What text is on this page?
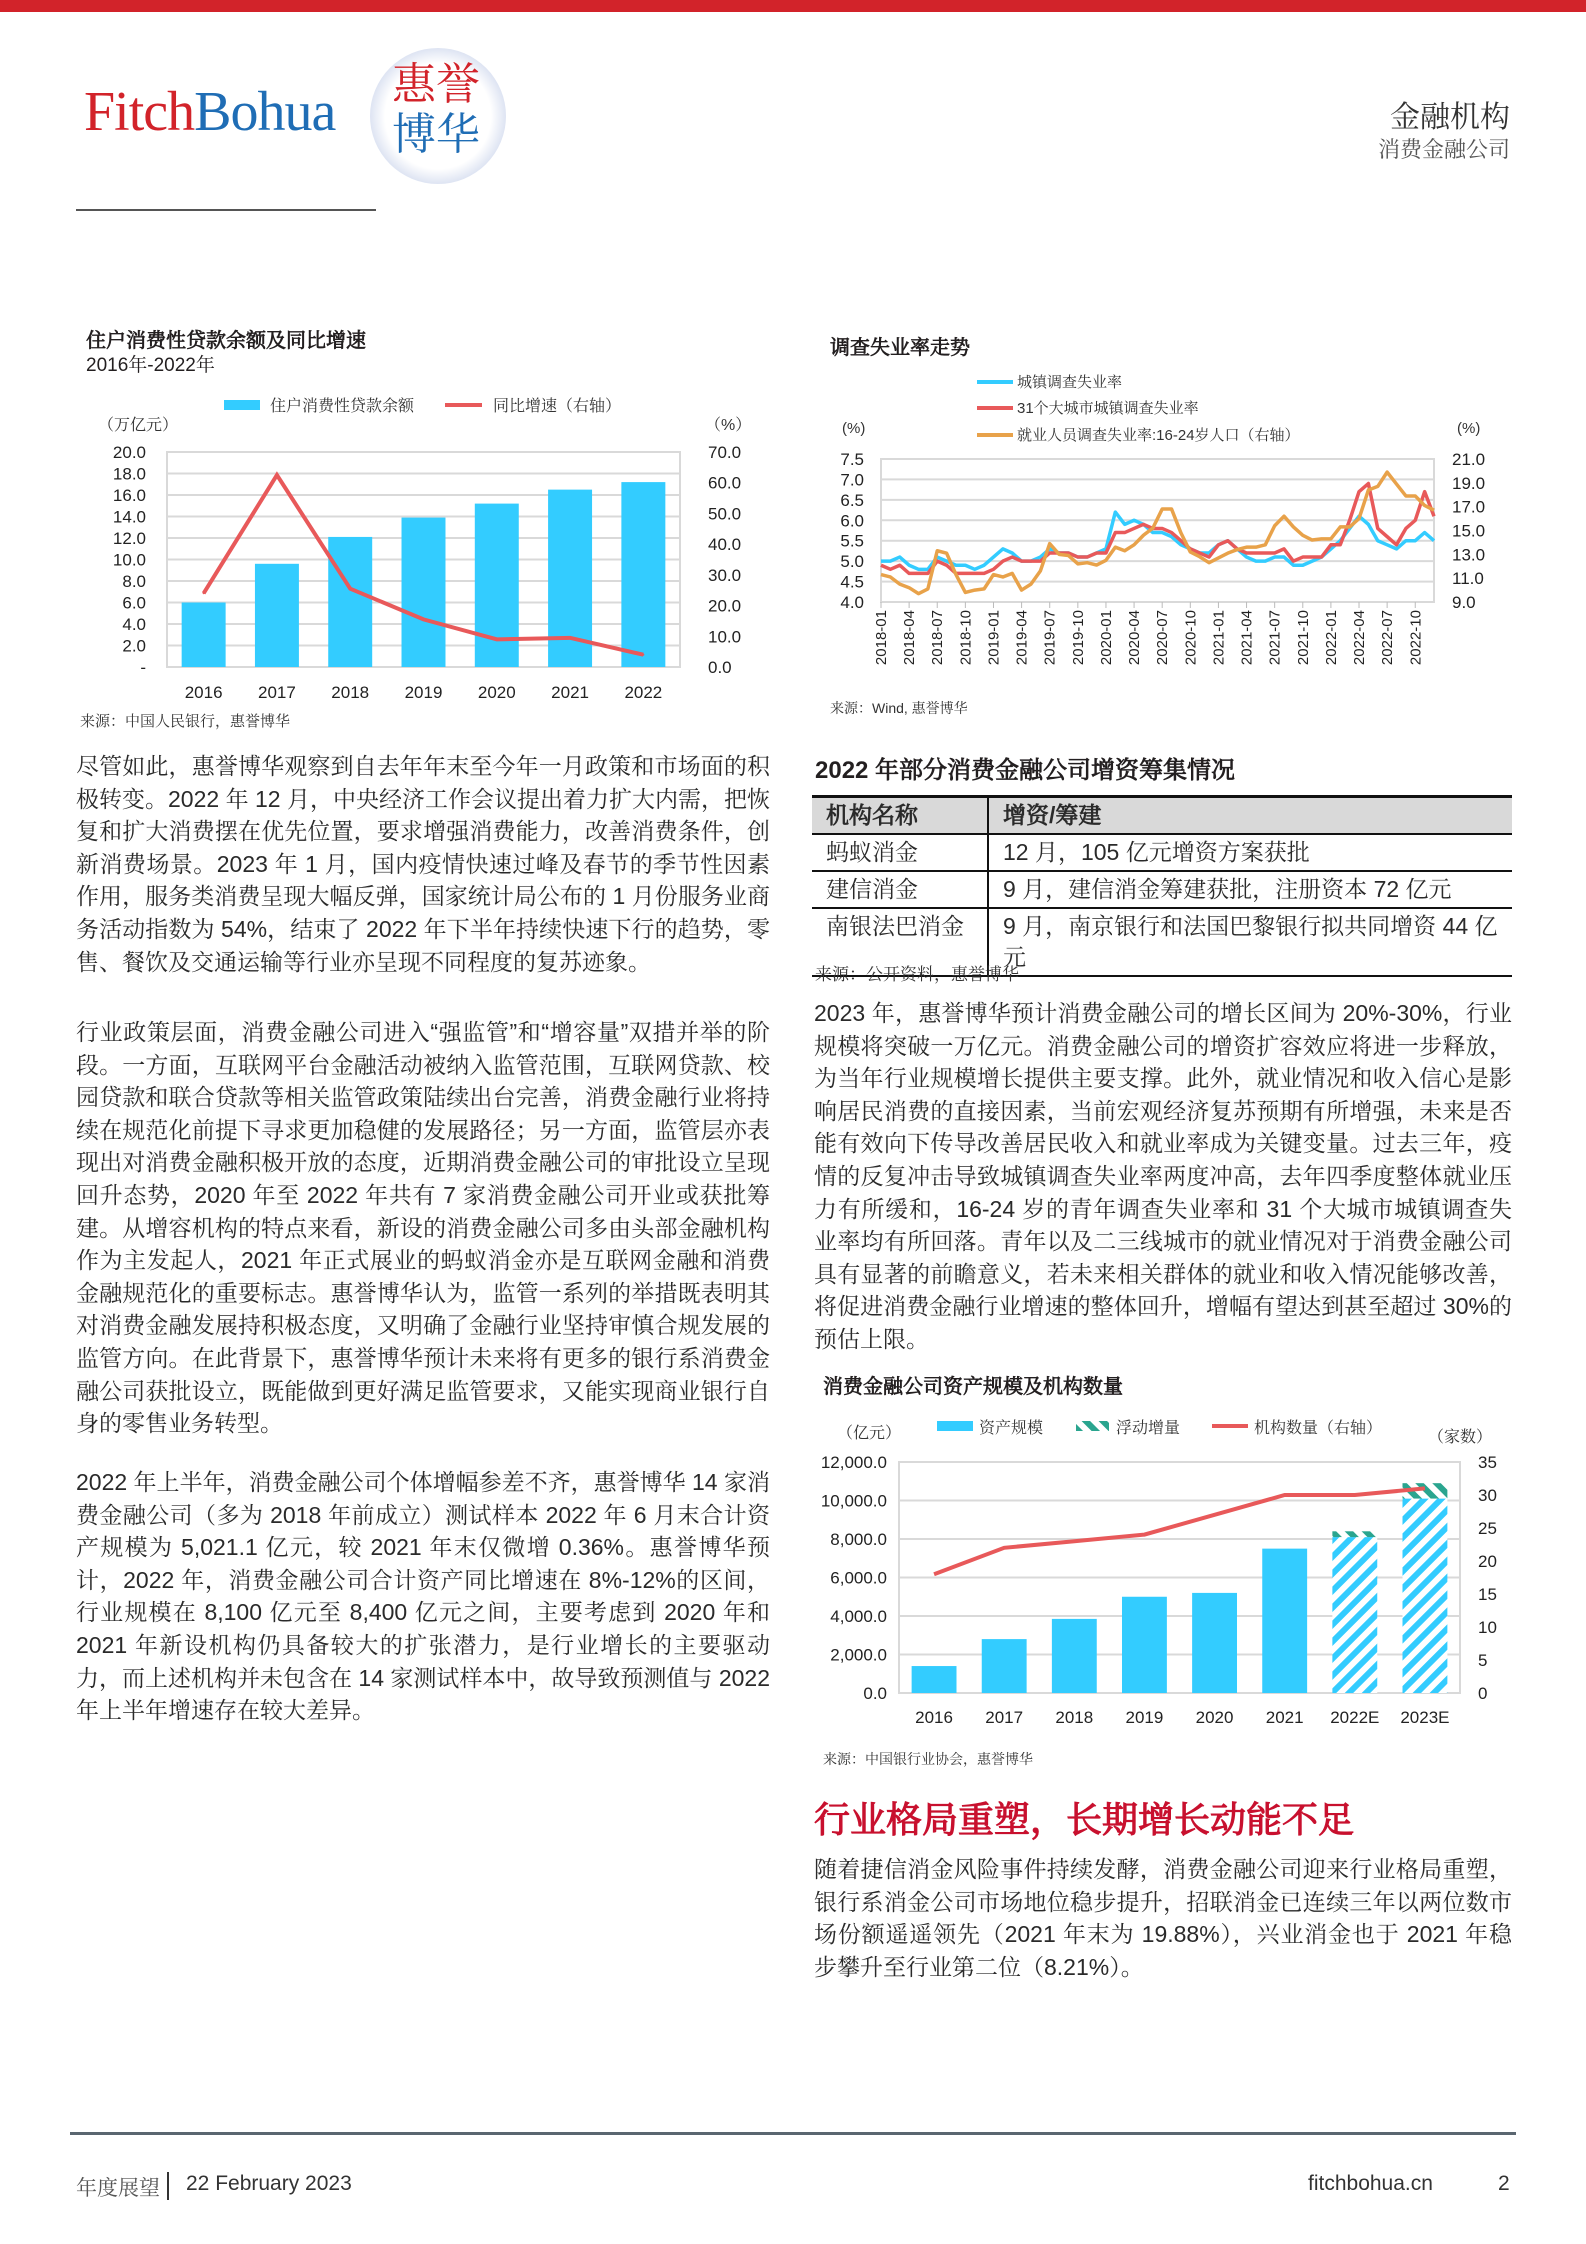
FitchBohua	惠誉
博华	金融机构
消费金融公司
住户消费性贷款余额及同比增速
2016年-2022年
-
2.0
4.0
6.0
8.0
10.0
12.0
14.0
16.0
18.0
20.0
0.0
10.0
20.0
30.0
40.0
50.0
60.0
70.0
（万亿元）	（%）
住户消费性贷款余额	同比增速（右轴）
2016 2017 2018 2019 2020 2021 2022
来源：中国人民银行，惠誉博华
调查失业率走势
4.0
4.5
5.0
5.5
6.0
6.5
7.0
7.5
9.0
11.0
13.0
15.0
17.0
19.0
21.0
(%)	(%)
城镇调查失业率
31个大城市城镇调查失业率
就业人员调查失业率:16-24岁人口（右轴）
2018-01 2018-04 2018-07 2018-10 2019-01 2019-04 2019-07 2019-10 2020-01 2020-04 2020-07 2020-10 2021-01 2021-04 2021-07 2021-10 2022-01 2022-04 2022-07 2022-10
来源：Wind, 惠誉博华
2022 年部分消费金融公司增资筹集情况
机构名称	增资/筹建
蚂蚁消金	12 月，105 亿元增资方案获批
建信消金	9 月，建信消金筹建获批，注册资本 72 亿元
南银法巴消金	9 月，南京银行和法国巴黎银行拟共同增资 44 亿元
来源：公开资料，惠誉博华

尽管如此，惠誉博华观察到自去年年末至今年一月政策和市场面的积极转变。2022 年 12 月，中央经济工作会议提出着力扩大内需，把恢复和扩大消费摆在优先位置，要求增强消费能力，改善消费条件，创新消费场景。2023 年 1 月，国内疫情快速过峰及春节的季节性因素作用，服务类消费呈现大幅反弹，国家统计局公布的 1 月份服务业商务活动指数为 54%，结束了 2022 年下半年持续快速下行的趋势，零售、餐饮及交通运输等行业亦呈现不同程度的复苏迹象。

行业政策层面，消费金融公司进入“强监管”和“增容量”双措并举的阶段。一方面，互联网平台金融活动被纳入监管范围，互联网贷款、校园贷款和联合贷款等相关监管政策陆续出台完善，消费金融行业将持续在规范化前提下寻求更加稳健的发展路径；另一方面，监管层亦表现出对消费金融积极开放的态度，近期消费金融公司的审批设立呈现回升态势，2020 年至 2022 年共有 7 家消费金融公司开业或获批筹建。从增容机构的特点来看，新设的消费金融公司多由头部金融机构作为主发起人，2021 年正式展业的蚂蚁消金亦是互联网金融和消费金融规范化的重要标志。惠誉博华认为，监管一系列的举措既表明其对消费金融发展持积极态度，又明确了金融行业坚持审慎合规发展的监管方向。在此背景下，惠誉博华预计未来将有更多的银行系消费金融公司获批设立，既能做到更好满足监管要求，又能实现商业银行自身的零售业务转型。

2022 年上半年，消费金融公司个体增幅参差不齐，惠誉博华 14 家消费金融公司（多为 2018 年前成立）测试样本 2022 年 6 月末合计资产规模为 5,021.1 亿元，较 2021 年末仅微增 0.36%。惠誉博华预计，2022 年，消费金融公司合计资产同比增速在 8%-12%的区间，行业规模在 8,100 亿元至 8,400 亿元之间，主要考虑到 2020 年和 2021 年新设机构仍具备较大的扩张潜力，是行业增长的主要驱动力，而上述机构并未包含在 14 家测试样本中，故导致预测值与 2022 年上半年增速存在较大差异。

2023 年，惠誉博华预计消费金融公司的增长区间为 20%-30%，行业规模将突破一万亿元。消费金融公司的增资扩容效应将进一步释放，为当年行业规模增长提供主要支撑。此外，就业情况和收入信心是影响居民消费的直接因素，当前宏观经济复苏预期有所增强，未来是否能有效向下传导改善居民收入和就业率成为关键变量。过去三年，疫情的反复冲击导致城镇调查失业率两度冲高，去年四季度整体就业压力有所缓和，16-24 岁的青年调查失业率和 31 个大城市城镇调查失业率均有所回落。青年以及二三线城市的就业情况对于消费金融公司具有显著的前瞻意义，若未来相关群体的就业和收入情况能够改善，将促进消费金融行业增速的整体回升，增幅有望达到甚至超过 30%的预估上限。

消费金融公司资产规模及机构数量
0.0
2,000.0
4,000.0
6,000.0
8,000.0
10,000.0
12,000.0
0
5
10
15
20
25
30
35
（亿元）	（家数）
资产规模	浮动增量	机构数量（右轴）
2016 2017 2018 2019 2020 2021 2022E 2023E
来源：中国银行业协会，惠誉博华
行业格局重塑，长期增长动能不足

随着捷信消金风险事件持续发酵，消费金融公司迎来行业格局重塑，银行系消金公司市场地位稳步提升，招联消金已连续三年以两位数市场份额遥遥领先（2021 年末为 19.88%），兴业消金也于 2021 年稳步攀升至行业第二位（8.21%）。

年度展望 22 February 2023	fitchbohua.cn	2
